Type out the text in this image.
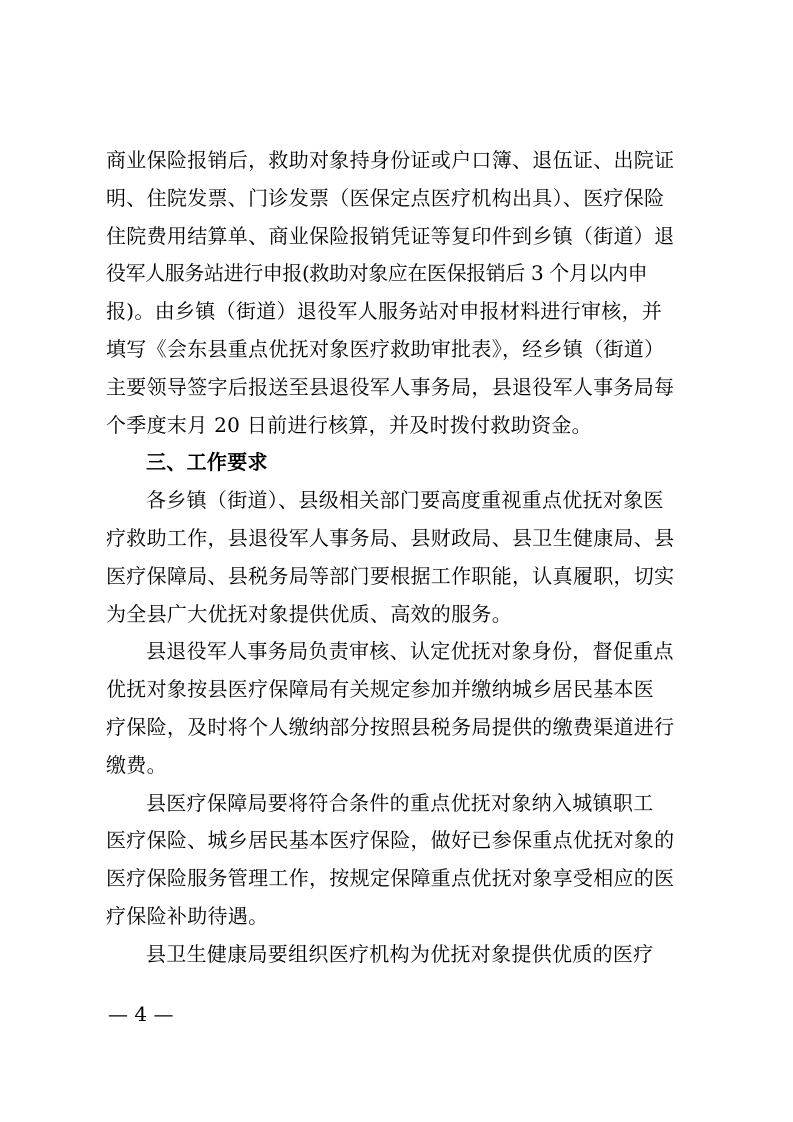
商业保险报销后，救助对象持身份证或户口簿、退伍证、出院证
明、住院发票、门诊发票（医保定点医疗机构出具）、医疗保险
住院费用结算单、商业保险报销凭证等复印件到乡镇（街道）退
役军人服务站进行申报(救助对象应在医保报销后 3 个月以内申
报)。由乡镇（街道）退役军人服务站对申报材料进行审核，并
填写《会东县重点优抚对象医疗救助审批表》，经乡镇（街道）
主要领导签字后报送至县退役军人事务局，县退役军人事务局每
个季度末月 20 日前进行核算，并及时拨付救助资金。
三、工作要求
各乡镇（街道）、县级相关部门要高度重视重点优抚对象医
疗救助工作，县退役军人事务局、县财政局、县卫生健康局、县
医疗保障局、县税务局等部门要根据工作职能，认真履职，切实
为全县广大优抚对象提供优质、高效的服务。
县退役军人事务局负责审核、认定优抚对象身份，督促重点
优抚对象按县医疗保障局有关规定参加并缴纳城乡居民基本医
疗保险，及时将个人缴纳部分按照县税务局提供的缴费渠道进行
缴费。
县医疗保障局要将符合条件的重点优抚对象纳入城镇职工
医疗保险、城乡居民基本医疗保险，做好已参保重点优抚对象的
医疗保险服务管理工作，按规定保障重点优抚对象享受相应的医
疗保险补助待遇。
县卫生健康局要组织医疗机构为优抚对象提供优质的医疗
— 4 —
